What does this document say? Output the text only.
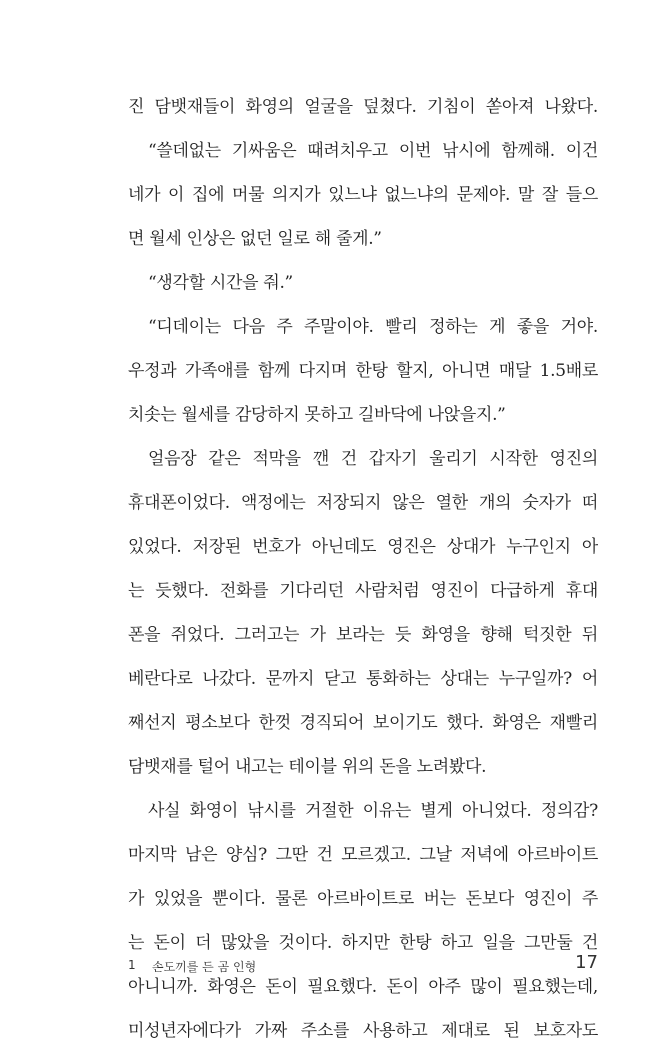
진 담뱃재들이 화영의 얼굴을 덮쳤다. 기침이 쏟아져 나왔다.
“쓸데없는 기싸움은 때려치우고 이번 낚시에 함께해. 이건
네가 이 집에 머물 의지가 있느냐 없느냐의 문제야. 말 잘 들으
면 월세 인상은 없던 일로 해 줄게.”
“생각할 시간을 줘.”
“디데이는 다음 주 주말이야. 빨리 정하는 게 좋을 거야.
우정과 가족애를 함께 다지며 한탕 할지, 아니면 매달 1.5배로
치솟는 월세를 감당하지 못하고 길바닥에 나앉을지.”
얼음장 같은 적막을 깬 건 갑자기 울리기 시작한 영진의
휴대폰이었다. 액정에는 저장되지 않은 열한 개의 숫자가 떠
있었다. 저장된 번호가 아닌데도 영진은 상대가 누구인지 아
는 듯했다. 전화를 기다리던 사람처럼 영진이 다급하게 휴대
폰을 쥐었다. 그러고는 가 보라는 듯 화영을 향해 턱짓한 뒤
베란다로 나갔다. 문까지 닫고 통화하는 상대는 누구일까? 어
째선지 평소보다 한껏 경직되어 보이기도 했다. 화영은 재빨리
담뱃재를 털어 내고는 테이블 위의 돈을 노려봤다.
사실 화영이 낚시를 거절한 이유는 별게 아니었다. 정의감?
마지막 남은 양심? 그딴 건 모르겠고. 그날 저녁에 아르바이트
가 있었을 뿐이다. 물론 아르바이트로 버는 돈보다 영진이 주
는 돈이 더 많았을 것이다. 하지만 한탕 하고 일을 그만둘 건
아니니까. 화영은 돈이 필요했다. 돈이 아주 많이 필요했는데,
미성년자에다가 가짜 주소를 사용하고 제대로 된 보호자도
1 손도끼를 든 곰 인형	17
